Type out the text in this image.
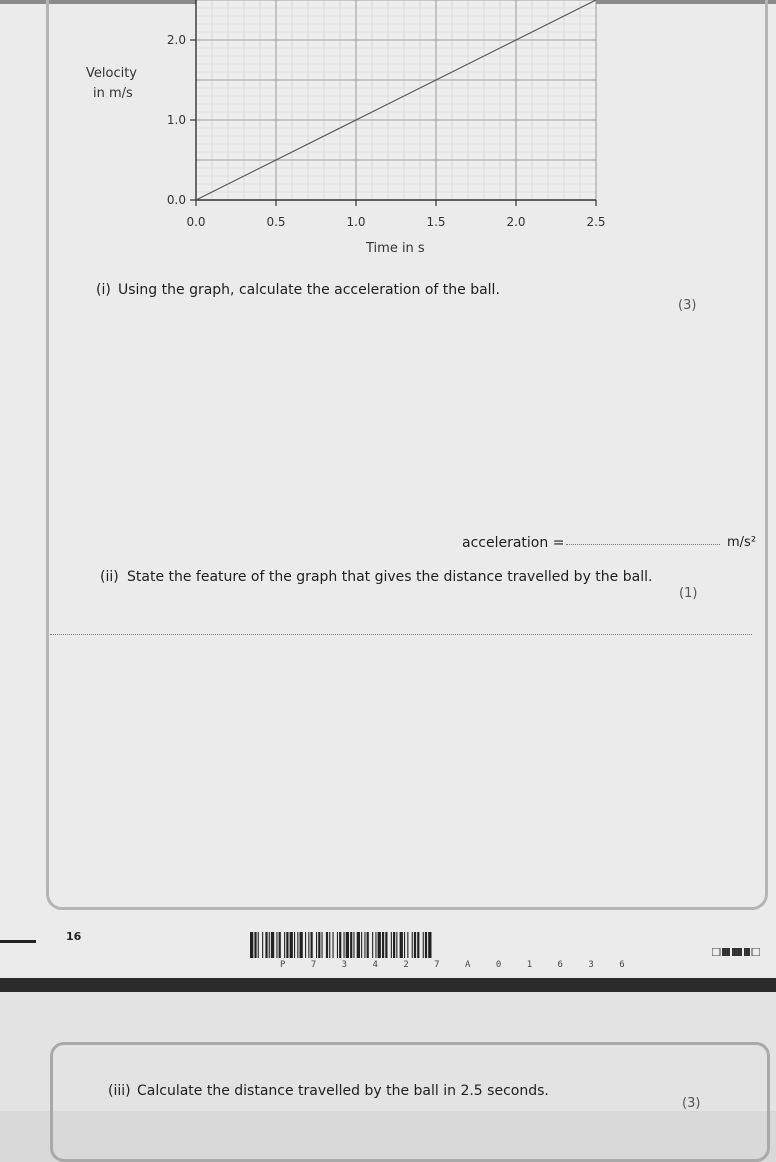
Velocity
in m/s
0.0	0.5	1.0	1.5	2.0	2.5
0.0
1.0
2.0
Time in s
(i) Using the graph, calculate the acceleration of the ball.
(3)
acceleration =	m/s²
(ii) State the feature of the graph that gives the distance travelled by the ball.
(1)
16
P 7 3 4 2 7 A 0 1 6 3 6
(iii) Calculate the distance travelled by the ball in 2.5 seconds.
(3)
